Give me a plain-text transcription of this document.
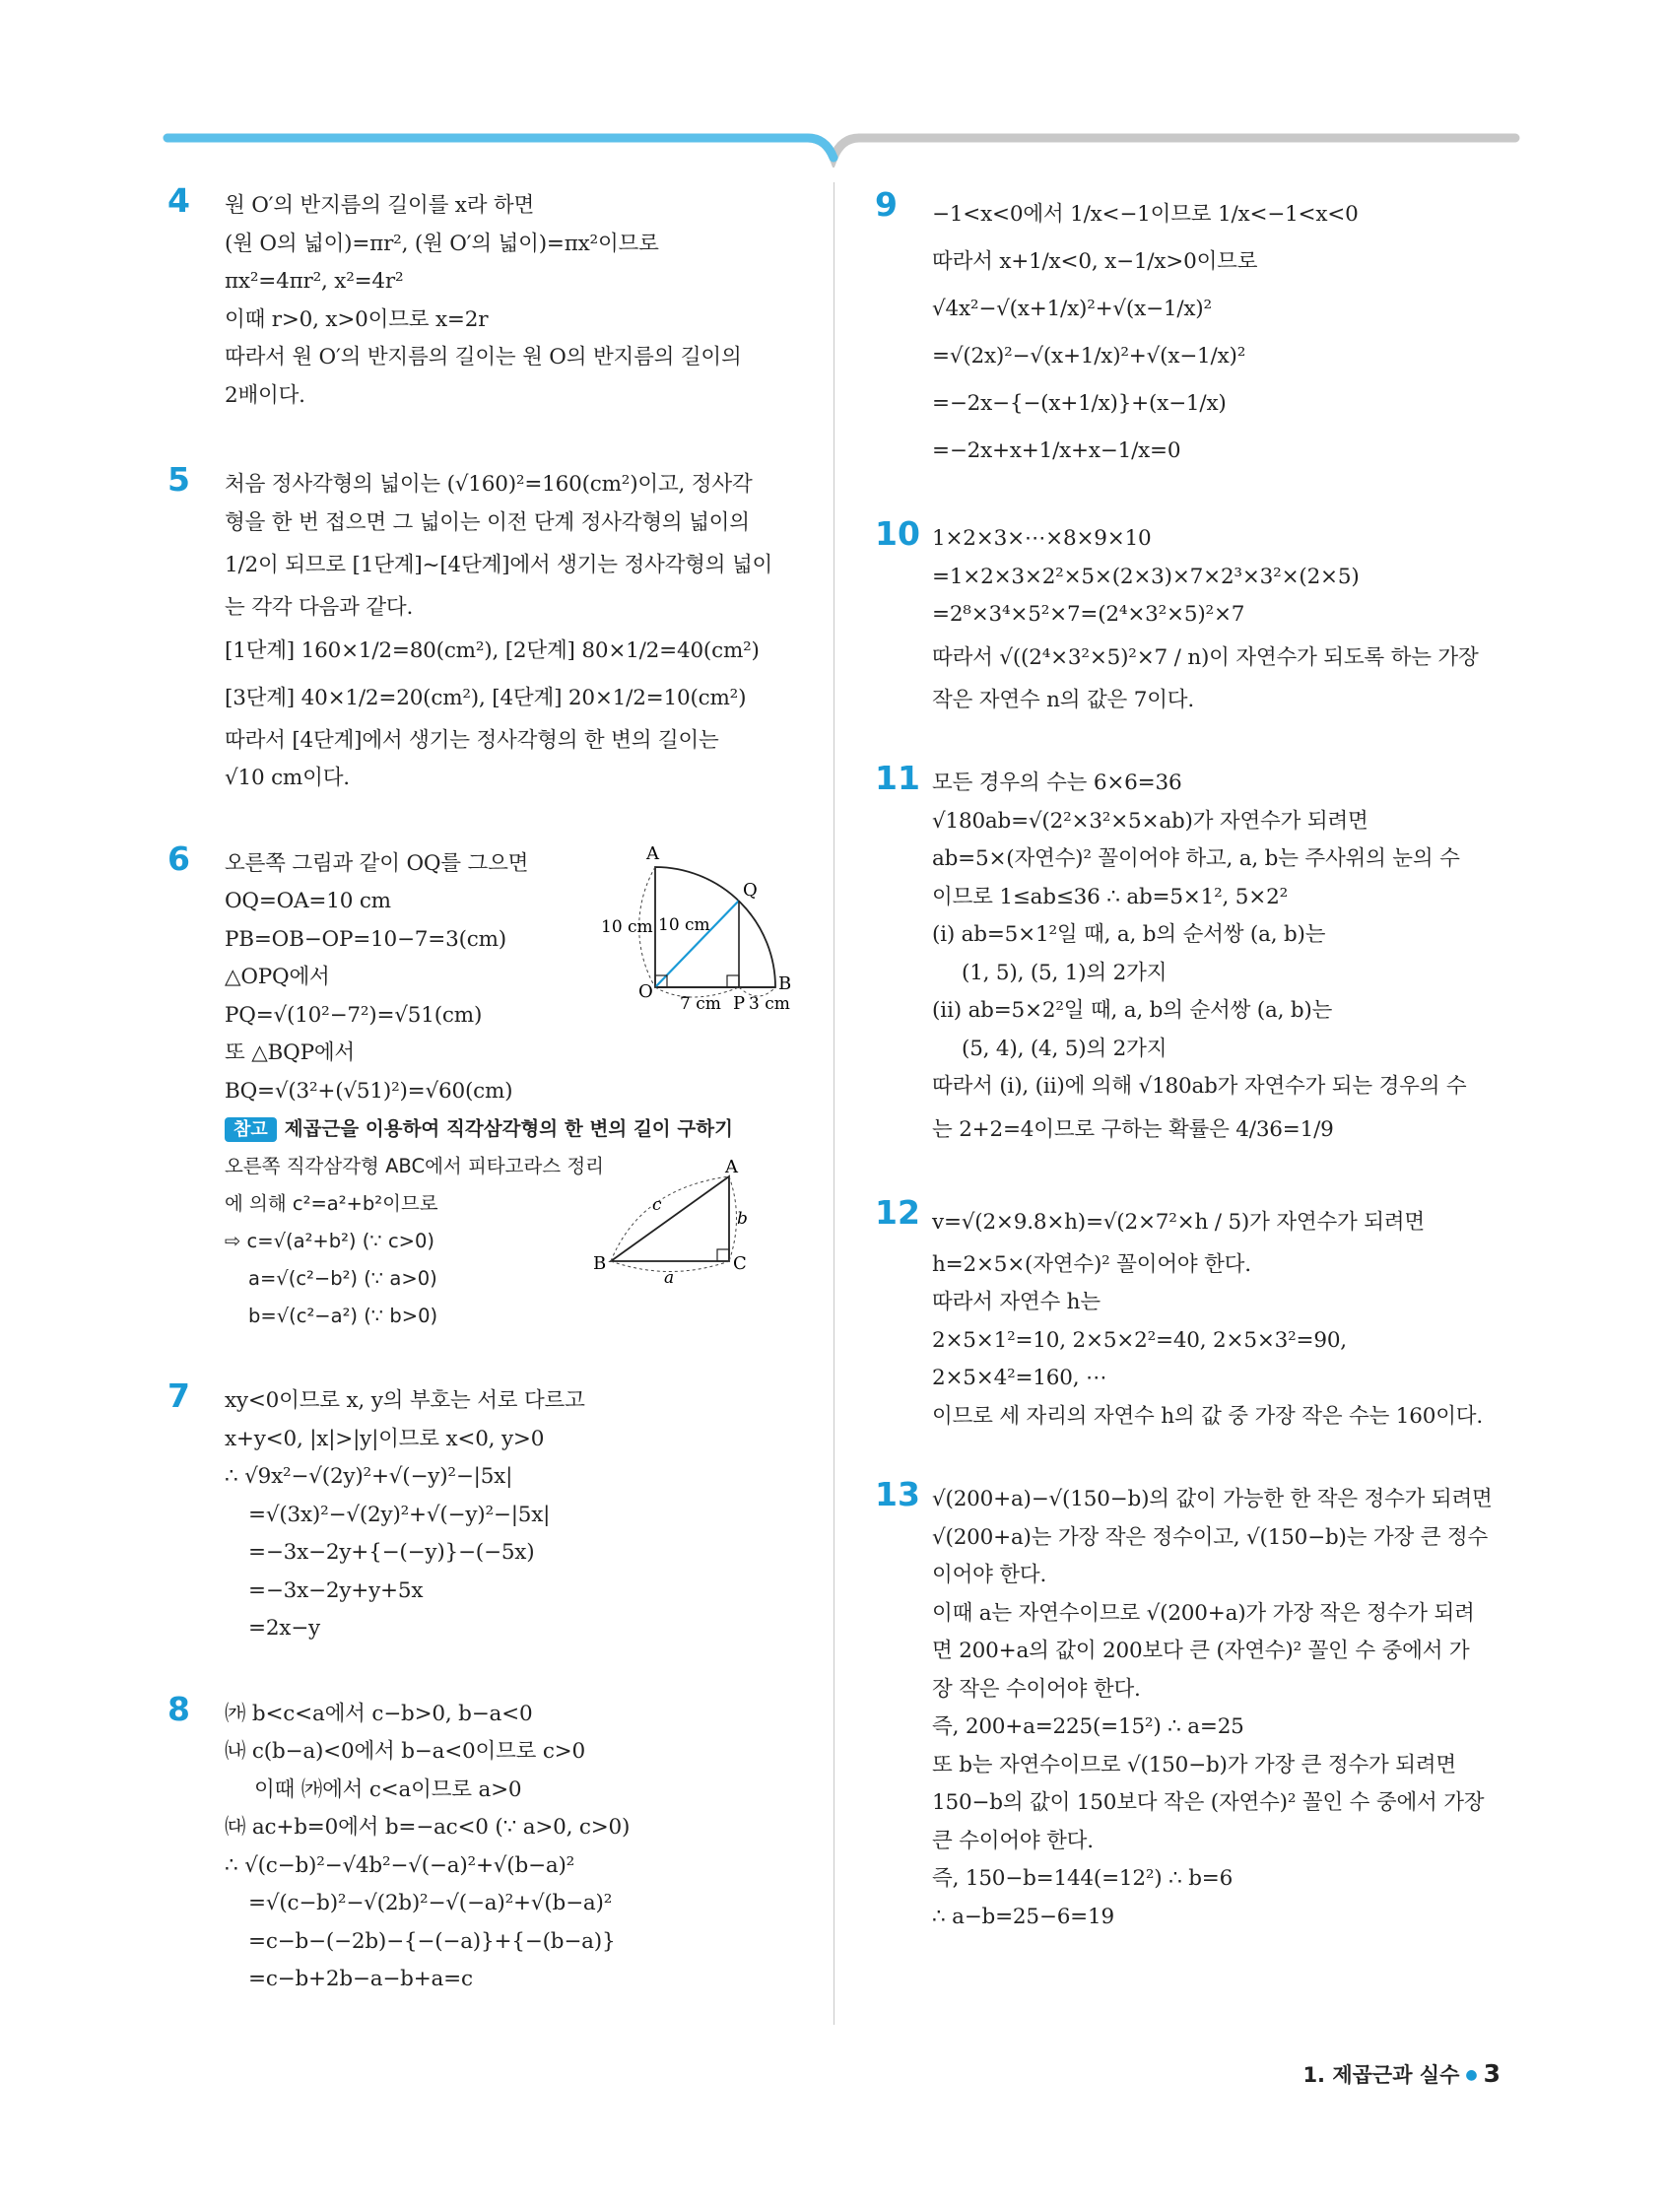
4 원 O′의 반지름의 길이를 x라 하면
(원 O의 넓이)=πr², (원 O′의 넓이)=πx²이므로
πx²=4πr², x²=4r²
이때 r>0, x>0이므로 x=2r
따라서 원 O′의 반지름의 길이는 원 O의 반지름의 길이의
2배이다.
5 처음 정사각형의 넓이는 (√160)²=160(cm²)이고, 정사각
형을 한 번 접으면 그 넓이는 이전 단계 정사각형의 넓이의
1/2이 되므로 [1단계]~[4단계]에서 생기는 정사각형의 넓이
는 각각 다음과 같다.
[1단계] 160×1/2=80(cm²), [2단계] 80×1/2=40(cm²)
[3단계] 40×1/2=20(cm²), [4단계] 20×1/2=10(cm²)
따라서 [4단계]에서 생기는 정사각형의 한 변의 길이는
√10 cm이다.
6 오른쪽 그림과 같이 OQ를 그으면
OQ=OA=10 cm
PB=OB−OP=10−7=3(cm)
△OPQ에서
PQ=√(10²−7²)=√51(cm)
또 △BQP에서
BQ=√(3²+(√51)²)=√60(cm)
참고 제곱근을 이용하여 직각삼각형의 한 변의 길이 구하기
오른쪽 직각삼각형 ABC에서 피타고라스 정리
에 의해 c²=a²+b²이므로
⇨ c=√(a²+b²) (∵ c>0)
a=√(c²−b²) (∵ a>0)
b=√(c²−a²) (∵ b>0)
A
Q
O
P
B
10 cm 10 cm
7 cm 3 cm
A
B	C
a
b
c
7 xy<0이므로 x, y의 부호는 서로 다르고
x+y<0, |x|>|y|이므로 x<0, y>0
∴ √9x²−√(2y)²+√(−y)²−|5x|
=√(3x)²−√(2y)²+√(−y)²−|5x|
=−3x−2y+{−(−y)}−(−5x)
=−3x−2y+y+5x
=2x−y
8 ㈎ b<c<a에서 c−b>0, b−a<0
㈏ c(b−a)<0에서 b−a<0이므로 c>0
이때 ㈎에서 c<a이므로 a>0
㈐ ac+b=0에서 b=−ac<0 (∵ a>0, c>0)
∴ √(c−b)²−√4b²−√(−a)²+√(b−a)²
=√(c−b)²−√(2b)²−√(−a)²+√(b−a)²
=c−b−(−2b)−{−(−a)}+{−(b−a)}
=c−b+2b−a−b+a=c
9 −1<x<0에서 1/x<−1이므로 1/x<−1<x<0
따라서 x+1/x<0, x−1/x>0이므로
√4x²−√(x+1/x)²+√(x−1/x)²
=√(2x)²−√(x+1/x)²+√(x−1/x)²
=−2x−{−(x+1/x)}+(x−1/x)
=−2x+x+1/x+x−1/x=0
10 1×2×3×⋯×8×9×10
=1×2×3×2²×5×(2×3)×7×2³×3²×(2×5)
=2⁸×3⁴×5²×7=(2⁴×3²×5)²×7
따라서 √((2⁴×3²×5)²×7 / n)이 자연수가 되도록 하는 가장
작은 자연수 n의 값은 7이다.
11 모든 경우의 수는 6×6=36
√180ab=√(2²×3²×5×ab)가 자연수가 되려면
ab=5×(자연수)² 꼴이어야 하고, a, b는 주사위의 눈의 수
이므로 1≤ab≤36 ∴ ab=5×1², 5×2²
(ⅰ) ab=5×1²일 때, a, b의 순서쌍 (a, b)는
(1, 5), (5, 1)의 2가지
(ⅱ) ab=5×2²일 때, a, b의 순서쌍 (a, b)는
(5, 4), (4, 5)의 2가지
따라서 (ⅰ), (ⅱ)에 의해 √180ab가 자연수가 되는 경우의 수
는 2+2=4이므로 구하는 확률은 4/36=1/9
12 v=√(2×9.8×h)=√(2×7²×h / 5)가 자연수가 되려면
h=2×5×(자연수)² 꼴이어야 한다.
따라서 자연수 h는
2×5×1²=10, 2×5×2²=40, 2×5×3²=90,
2×5×4²=160, ⋯
이므로 세 자리의 자연수 h의 값 중 가장 작은 수는 160이다.
13 √(200+a)−√(150−b)의 값이 가능한 한 작은 정수가 되려면
√(200+a)는 가장 작은 정수이고, √(150−b)는 가장 큰 정수
이어야 한다.
이때 a는 자연수이므로 √(200+a)가 가장 작은 정수가 되려
면 200+a의 값이 200보다 큰 (자연수)² 꼴인 수 중에서 가
장 작은 수이어야 한다.
즉, 200+a=225(=15²) ∴ a=25
또 b는 자연수이므로 √(150−b)가 가장 큰 정수가 되려면
150−b의 값이 150보다 작은 (자연수)² 꼴인 수 중에서 가장
큰 수이어야 한다.
즉, 150−b=144(=12²) ∴ b=6
∴ a−b=25−6=19
1. 제곱근과 실수 ● 3
